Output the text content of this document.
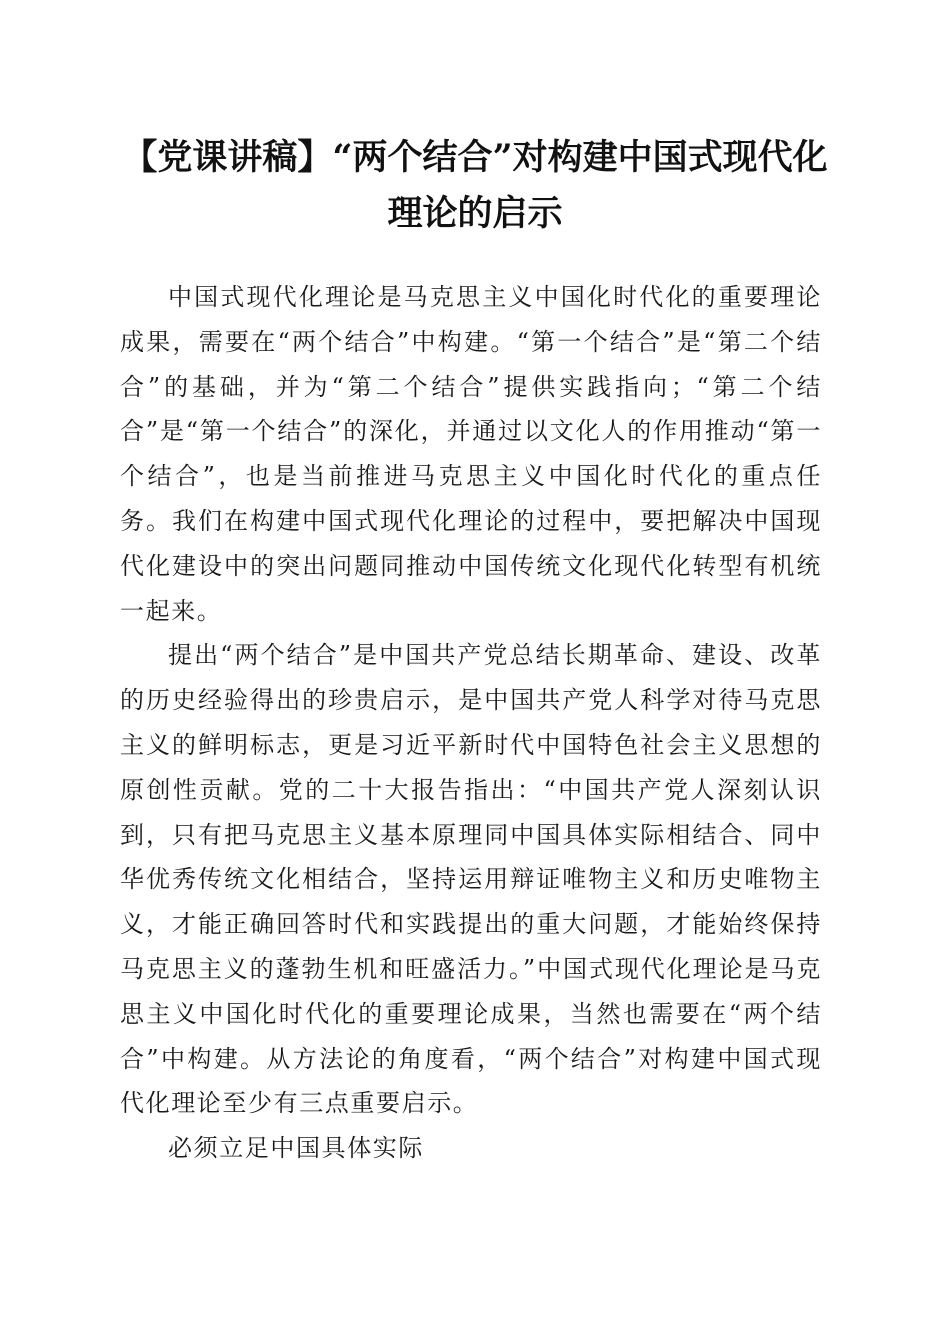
【党课讲稿】“两个结合”对构建中国式现代化理论的启示

中国式现代化理论是马克思主义中国化时代化的重要理论成果，需要在“两个结合”中构建。“第一个结合”是“第二个结合”的基础，并为“第二个结合”提供实践指向；“第二个结合”是“第一个结合”的深化，并通过以文化人的作用推动“第一个结合”，也是当前推进马克思主义中国化时代化的重点任务。我们在构建中国式现代化理论的过程中，要把解决中国现代化建设中的突出问题同推动中国传统文化现代化转型有机统一起来。

提出“两个结合”是中国共产党总结长期革命、建设、改革的历史经验得出的珍贵启示，是中国共产党人科学对待马克思主义的鲜明标志，更是习近平新时代中国特色社会主义思想的原创性贡献。党的二十大报告指出：“中国共产党人深刻认识到，只有把马克思主义基本原理同中国具体实际相结合、同中华优秀传统文化相结合，坚持运用辩证唯物主义和历史唯物主义，才能正确回答时代和实践提出的重大问题，才能始终保持马克思主义的蓬勃生机和旺盛活力。”中国式现代化理论是马克思主义中国化时代化的重要理论成果，当然也需要在“两个结合”中构建。从方法论的角度看，“两个结合”对构建中国式现代化理论至少有三点重要启示。

必须立足中国具体实际
